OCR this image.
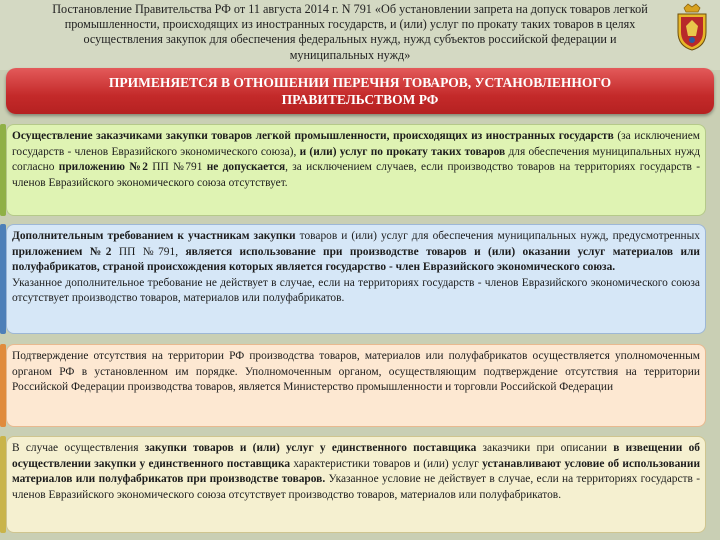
Постановление Правительства РФ от 11 августа 2014 г. N 791 «Об установлении запрета на допуск товаров легкой промышленности, происходящих из иностранных государств, и (или) услуг по прокату таких товаров в целях осуществления закупок для обеспечения федеральных нужд, нужд субъектов российской федерации и муниципальных нужд»
ПРИМЕНЯЕТСЯ В ОТНОШЕНИИ ПЕРЕЧНЯ ТОВАРОВ, УСТАНОВЛЕННОГО ПРАВИТЕЛЬСТВОМ РФ
Осуществление заказчиками закупки товаров легкой промышленности, происходящих из иностранных государств (за исключением государств - членов Евразийского экономического союза), и (или) услуг по прокату таких товаров для обеспечения муниципальных нужд согласно приложению №2 ПП №791 не допускается, за исключением случаев, если производство товаров на территориях государств - членов Евразийского экономического союза отсутствует.
Дополнительным требованием к участникам закупки товаров и (или) услуг для обеспечения муниципальных нужд, предусмотренных приложением №2 ПП №791, является использование при производстве товаров и (или) оказании услуг материалов или полуфабрикатов, страной происхождения которых является государство - член Евразийского экономического союза.
Указанное дополнительное требование не действует в случае, если на территориях государств - членов Евразийского экономического союза отсутствует производство товаров, материалов или полуфабрикатов.
Подтверждение отсутствия на территории РФ производства товаров, материалов или полуфабрикатов осуществляется уполномоченным органом РФ в установленном им порядке. Уполномоченным органом, осуществляющим подтверждение отсутствия на территории Российской Федерации производства товаров, является Министерство промышленности и торговли Российской Федерации
В случае осуществления закупки товаров и (или) услуг у единственного поставщика заказчики при описании в извещении об осуществлении закупки у единственного поставщика характеристики товаров и (или) услуг устанавливают условие об использовании материалов или полуфабрикатов при производстве товаров. Указанное условие не действует в случае, если на территориях государств - членов Евразийского экономического союза отсутствует производство товаров, материалов или полуфабрикатов.
